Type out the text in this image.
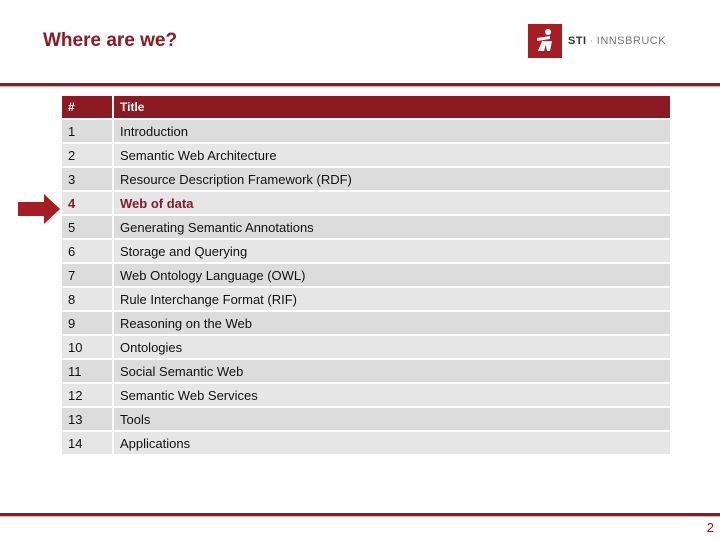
Where are we?	STI · INNSBRUCK
#	Title
1	Introduction
2	Semantic Web Architecture
3	Resource Description Framework (RDF)
4	Web of data
5	Generating Semantic Annotations
6	Storage and Querying
7	Web Ontology Language (OWL)
8	Rule Interchange Format (RIF)
9	Reasoning on the Web
10	Ontologies
11	Social Semantic Web
12	Semantic Web Services
13	Tools
14	Applications
2
